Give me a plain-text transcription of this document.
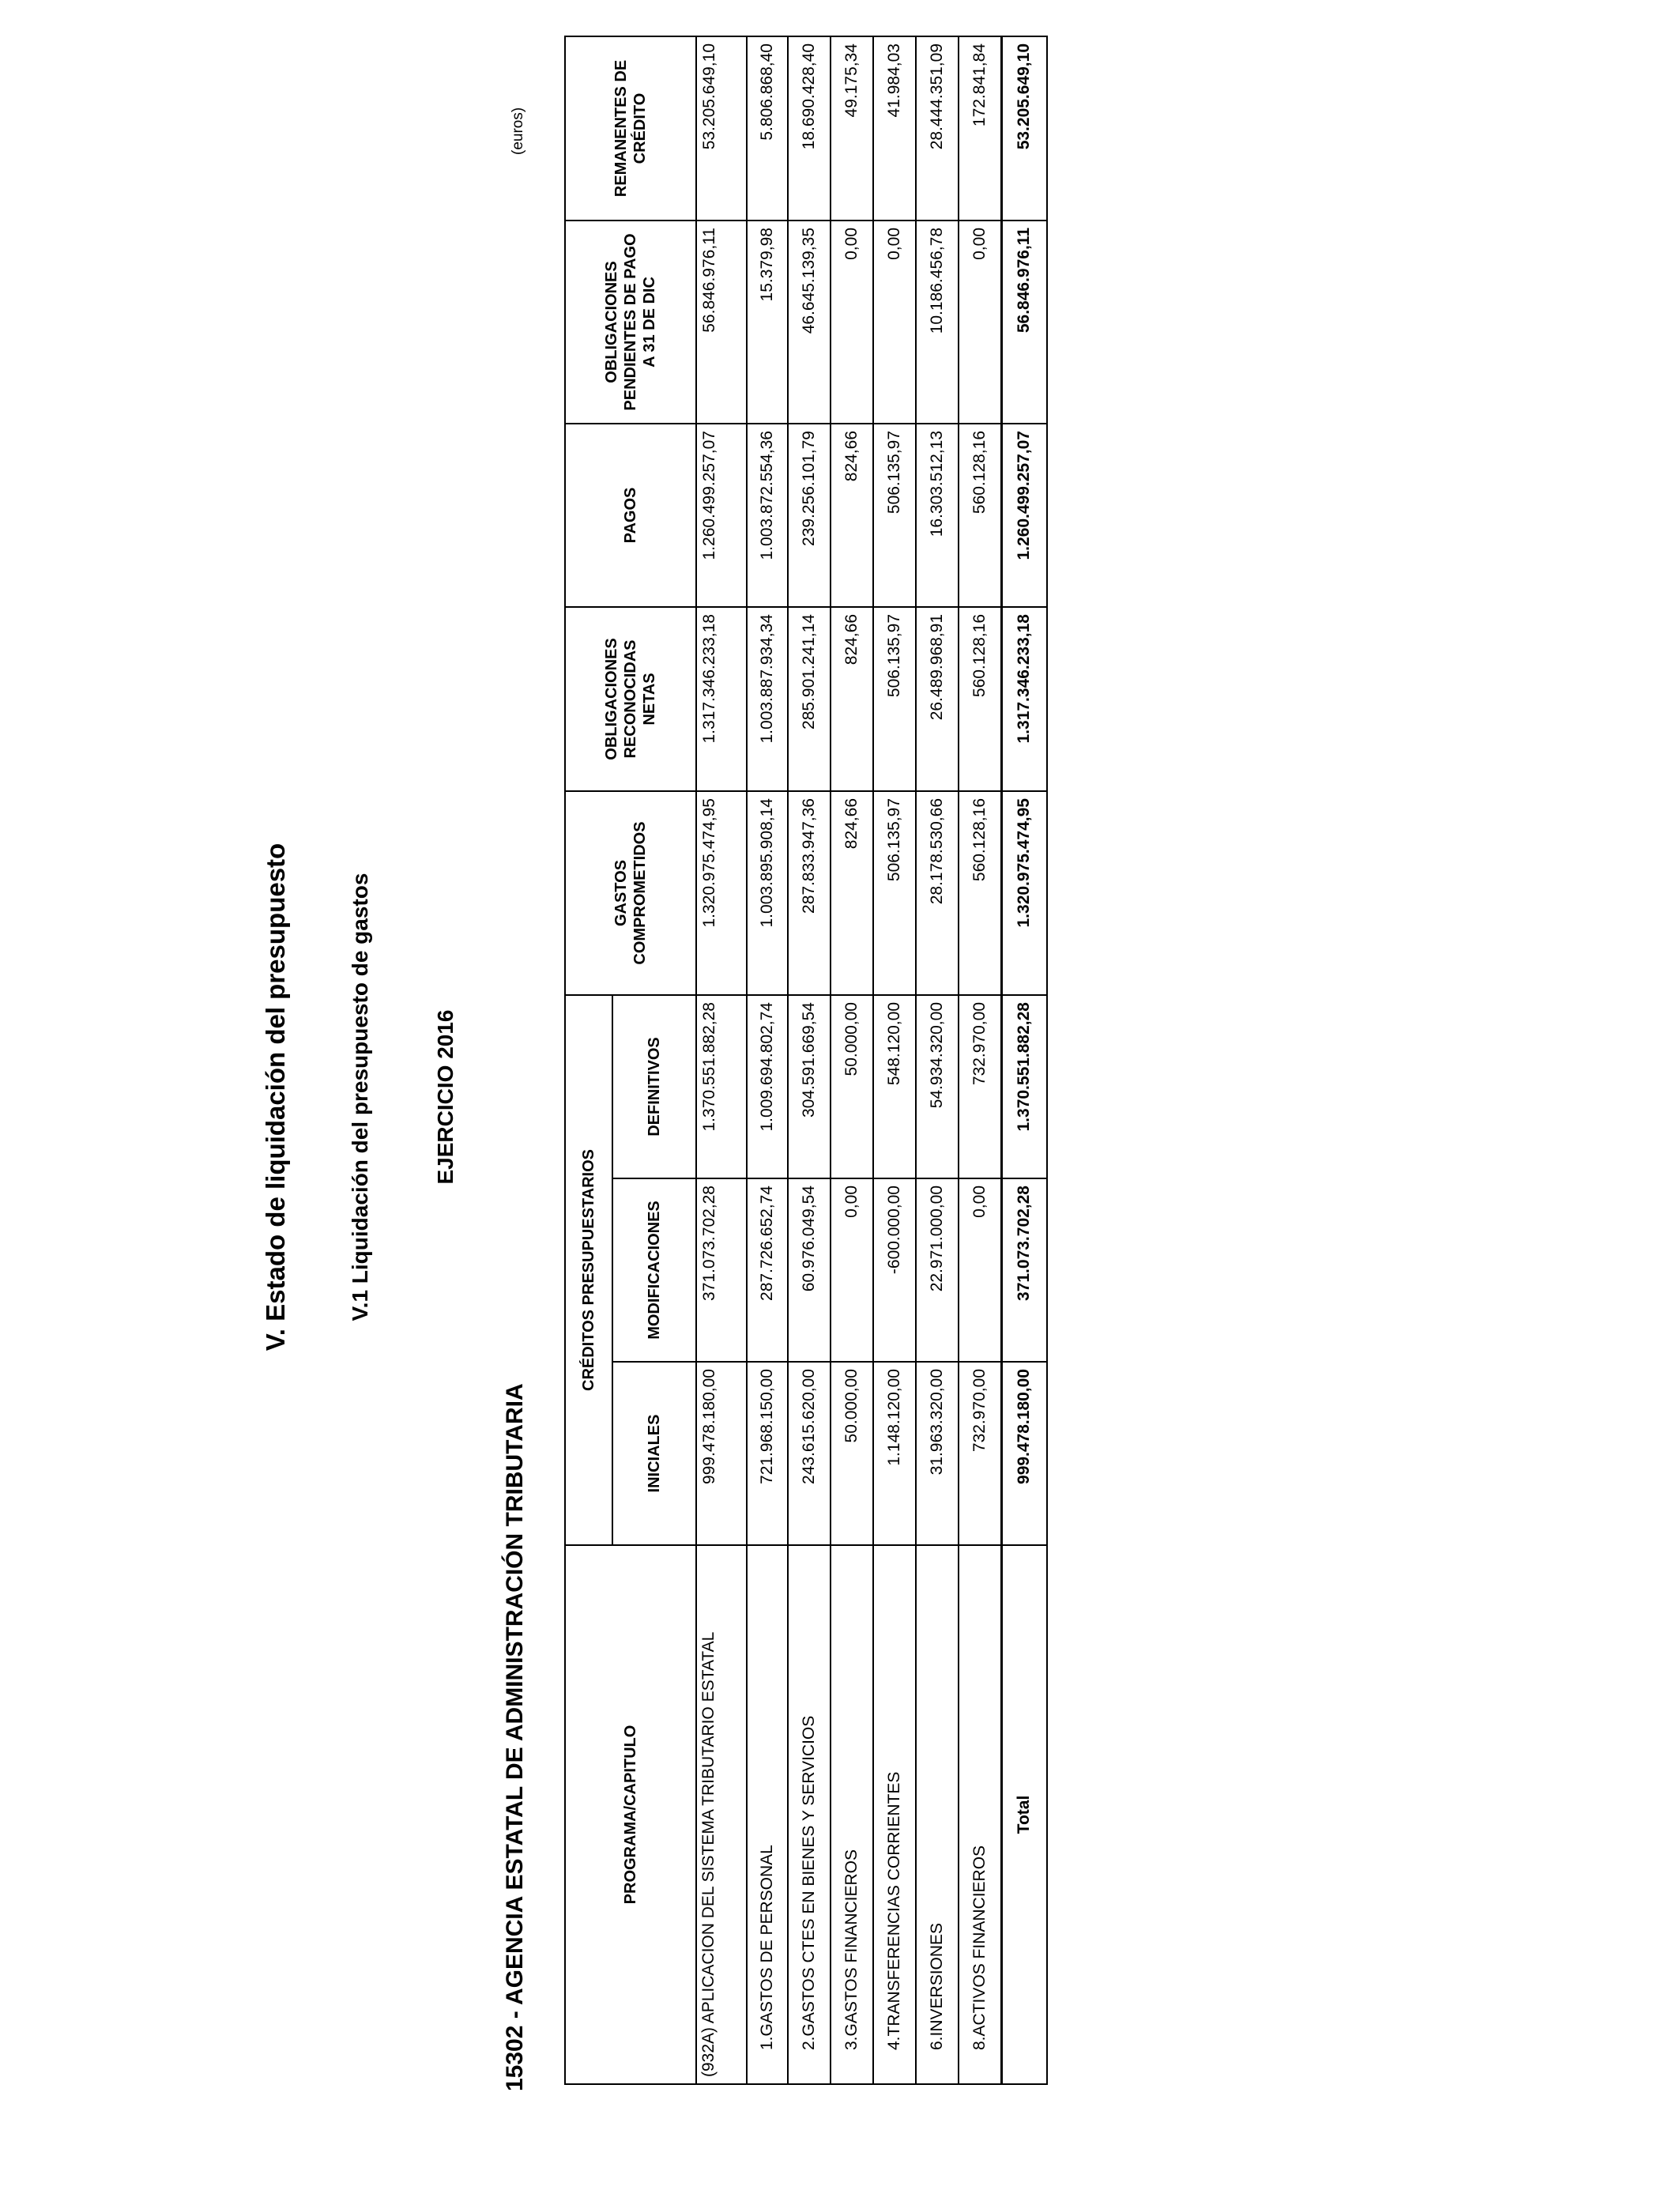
V. Estado de liquidación del presupuesto	V.1 Liquidación del presupuesto de gastos	EJERCICIO 2016
15302 - AGENCIA ESTATAL DE ADMINISTRACIÓN TRIBUTARIA
(euros)
PROGRAMA/CAPITULO	CRÉDITOS PRESUPUESTARIOS			GASTOS COMPROMETIDOS	OBLIGACIONES RECONOCIDAS NETAS	PAGOS	OBLIGACIONES PENDIENTES DE PAGO A 31 DE DIC	REMANENTES DE CRÉDITO
	INICIALES	MODIFICACIONES	DEFINITIVOS					
(932A) APLICACION DEL SISTEMA TRIBUTARIO ESTATAL	999.478.180,00	371.073.702,28	1.370.551.882,28	1.320.975.474,95	1.317.346.233,18	1.260.499.257,07	56.846.976,11	53.205.649,10
1.GASTOS DE PERSONAL	721.968.150,00	287.726.652,74	1.009.694.802,74	1.003.895.908,14	1.003.887.934,34	1.003.872.554,36	15.379,98	5.806.868,40
2.GASTOS CTES EN BIENES Y SERVICIOS	243.615.620,00	60.976.049,54	304.591.669,54	287.833.947,36	285.901.241,14	239.256.101,79	46.645.139,35	18.690.428,40
3.GASTOS FINANCIEROS	50.000,00	0,00	50.000,00	824,66	824,66	824,66	0,00	49.175,34
4.TRANSFERENCIAS CORRIENTES	1.148.120,00	-600.000,00	548.120,00	506.135,97	506.135,97	506.135,97	0,00	41.984,03
6.INVERSIONES	31.963.320,00	22.971.000,00	54.934.320,00	28.178.530,66	26.489.968,91	16.303.512,13	10.186.456,78	28.444.351,09
8.ACTIVOS FINANCIEROS	732.970,00	0,00	732.970,00	560.128,16	560.128,16	560.128,16	0,00	172.841,84
Total	999.478.180,00	371.073.702,28	1.370.551.882,28	1.320.975.474,95	1.317.346.233,18	1.260.499.257,07	56.846.976,11	53.205.649,10
